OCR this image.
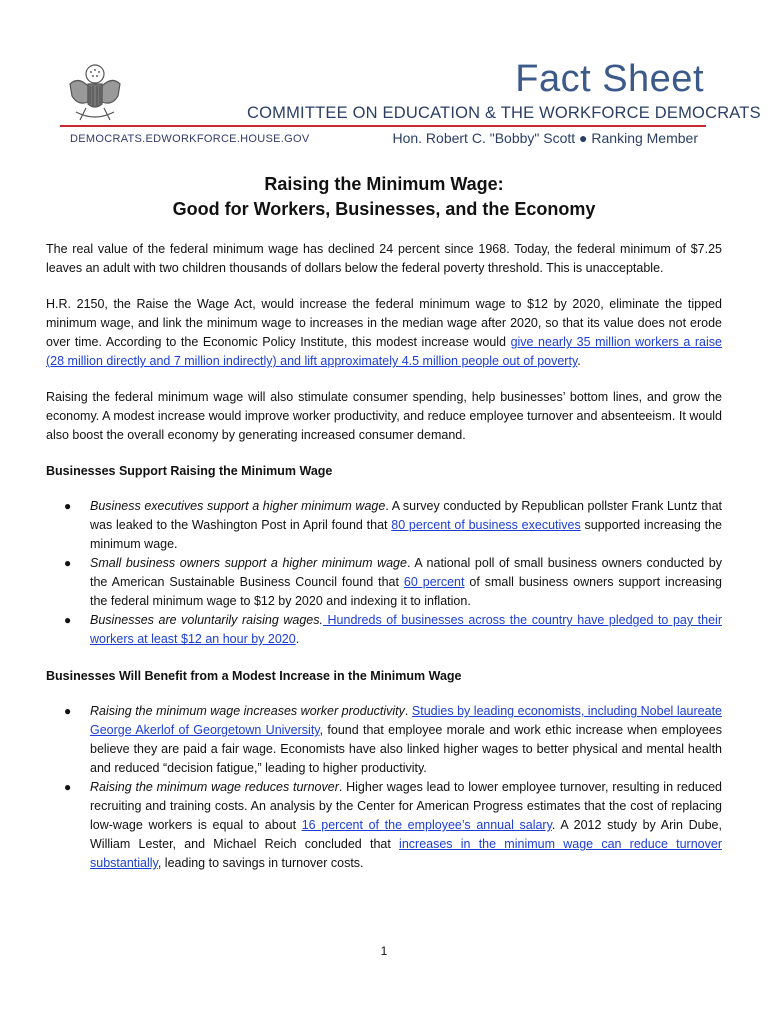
Fact Sheet
COMMITTEE ON EDUCATION & THE WORKFORCE DEMOCRATS
DEMOCRATS.EDWORKFORCE.HOUSE.GOV	Hon. Robert C. "Bobby" Scott ● Ranking Member
Raising the Minimum Wage:
Good for Workers, Businesses, and the Economy

The real value of the federal minimum wage has declined 24 percent since 1968. Today, the federal minimum of $7.25 leaves an adult with two children thousands of dollars below the federal poverty threshold. This is unacceptable.

H.R. 2150, the Raise the Wage Act, would increase the federal minimum wage to $12 by 2020, eliminate the tipped minimum wage, and link the minimum wage to increases in the median wage after 2020, so that its value does not erode over time. According to the Economic Policy Institute, this modest increase would give nearly 35 million workers a raise (28 million directly and 7 million indirectly) and lift approximately 4.5 million people out of poverty.

Raising the federal minimum wage will also stimulate consumer spending, help businesses’ bottom lines, and grow the economy. A modest increase would improve worker productivity, and reduce employee turnover and absenteeism. It would also boost the overall economy by generating increased consumer demand.

Businesses Support Raising the Minimum Wage
● Business executives support a higher minimum wage. A survey conducted by Republican pollster Frank Luntz that was leaked to the Washington Post in April found that 80 percent of business executives supported increasing the minimum wage.
● Small business owners support a higher minimum wage. A national poll of small business owners conducted by the American Sustainable Business Council found that 60 percent of small business owners support increasing the federal minimum wage to $12 by 2020 and indexing it to inflation.
● Businesses are voluntarily raising wages. Hundreds of businesses across the country have pledged to pay their workers at least $12 an hour by 2020.
Businesses Will Benefit from a Modest Increase in the Minimum Wage
● Raising the minimum wage increases worker productivity. Studies by leading economists, including Nobel laureate George Akerlof of Georgetown University, found that employee morale and work ethic increase when employees believe they are paid a fair wage. Economists have also linked higher wages to better physical and mental health and reduced “decision fatigue,” leading to higher productivity.
● Raising the minimum wage reduces turnover. Higher wages lead to lower employee turnover, resulting in reduced recruiting and training costs. An analysis by the Center for American Progress estimates that the cost of replacing low-wage workers is equal to about 16 percent of the employee’s annual salary. A 2012 study by Arin Dube, William Lester, and Michael Reich concluded that increases in the minimum wage can reduce turnover substantially, leading to savings in turnover costs.
1
